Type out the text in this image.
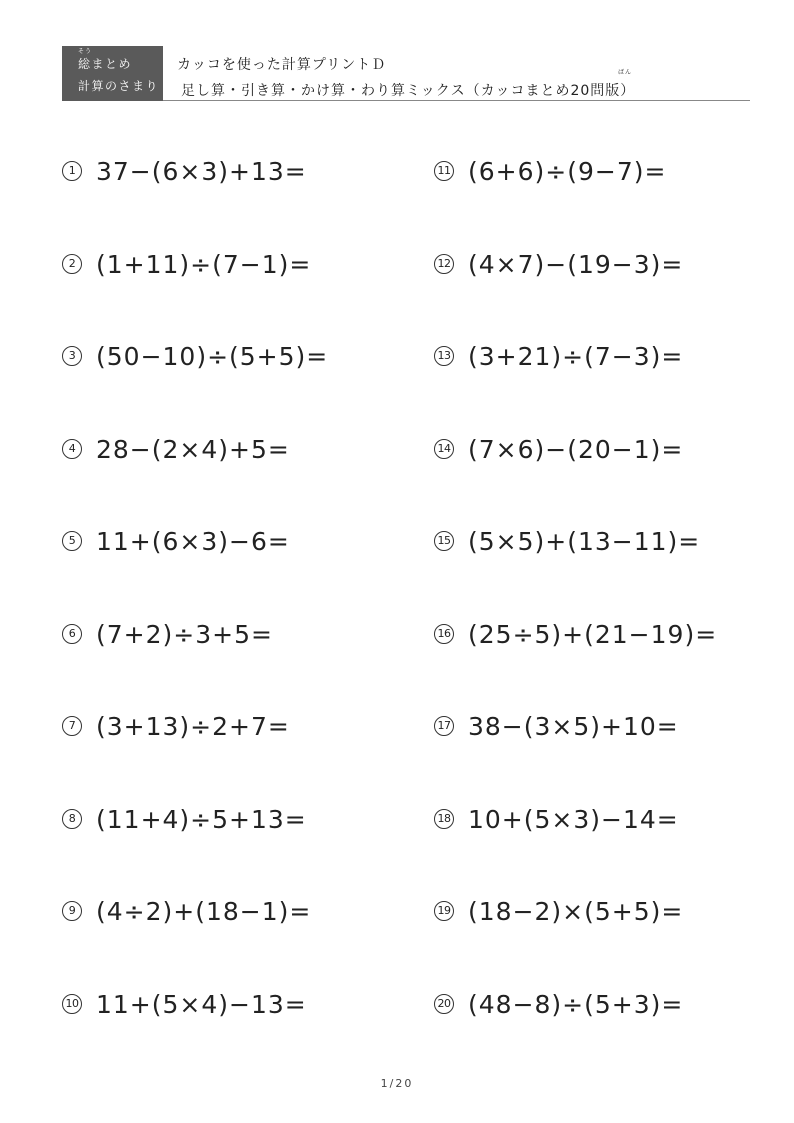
そう
総まとめ
計算のさまり
カッコを使った計算プリントＤ	ばん
足し算・引き算・かけ算・わり算ミックス（カッコまとめ20問版）
1 37−(6×3)+13=
2 (1+11)÷(7−1)=
3 (50−10)÷(5+5)=
4 28−(2×4)+5=
5 11+(6×3)−6=
6 (7+2)÷3+5=
7 (3+13)÷2+7=
8 (11+4)÷5+13=
9 (4÷2)+(18−1)=
10 11+(5×4)−13=
11 (6+6)÷(9−7)=
12 (4×7)−(19−3)=
13 (3+21)÷(7−3)=
14 (7×6)−(20−1)=
15 (5×5)+(13−11)=
16 (25÷5)+(21−19)=
17 38−(3×5)+10=
18 10+(5×3)−14=
19 (18−2)×(5+5)=
20 (48−8)÷(5+3)=
1/20
